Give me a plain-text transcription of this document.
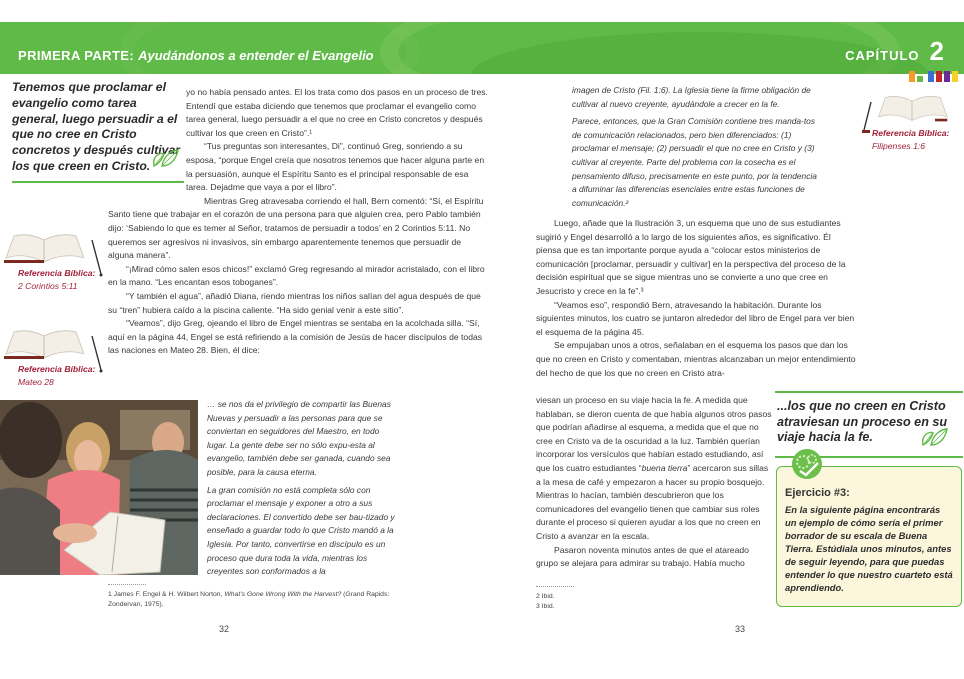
PRIMERA PARTE: Ayudándonos a entender el Evangelio	CAPÍTULO 2
Tenemos que proclamar el evangelio como tarea general, luego persuadir a el que no cree en Cristo concretos y después cultivar los que creen en Cristo.

yo no había pensado antes. El los trata como dos pasos en un proceso de tres. Entendí que estaba diciendo que tenemos que proclamar el evangelio como tarea general, luego persuadir a el que no cree en Cristo concretos y después cultivar los que creen en Cristo”.¹

“Tus preguntas son interesantes, Di”, continuó Greg, sonriendo a su esposa, “porque Engel creía que nosotros tenemos que hacer alguna parte en la persuasión, aunque el Espíritu Santo es el principal responsable de esa tarea. Dejadme que vaya a por el libro”.

Mientras Greg atravesaba corriendo el hall, Bern comentó: “Sí, el Espíritu Santo tiene que trabajar en el corazón de una persona para que alguien crea, pero Pablo también dijo: ‘Sabiendo lo que es temer al Señor, tratamos de persuadir a todos’ en 2 Corintios 5:11. No queremos ser agresivos ni invasivos, sin embargo aparentemente tenemos que persuadir de alguna manera”.

“¡Mirad cómo salen esos chicos!” exclamó Greg regresando al mirador acristalado, con el libro en la mano. “Les encantan esos toboganes”.

“Y también el agua”, añadió Diana, riendo mientras los niños salían del agua después de que su “tren” hubiera caído a la piscina caliente. “Ha sido genial venir a este sitio”.

“Veamos”, dijo Greg, ojeando el libro de Engel mientras se sentaba en la acolchada silla. “Sí, aquí en la página 44, Engel se está refiriendo a la comisión de Jesús de hacer discípulos de todas las naciones en Mateo 28. Bien, él dice:

Referencia Bíblica:
2 Corintios 5:11
Referencia Bíblica:
Mateo 28

… se nos da el privilegio de compartir las Buenas Nuevas y persuadir a las personas para que se conviertan en seguidores del Maestro, en todo lugar. La gente debe ser no sólo expu-esta al evangelio, también debe ser ganada, cuando sea posible, para la causa eterna.

La gran comisión no está completa sólo con proclamar el mensaje y exponer a otro a sus declaraciones. El convertido debe ser bau-tizado y enseñado a guardar todo lo que Cristo mandó a la Iglesia. Por tanto, convertirse en discípulo es un proceso que dura toda la vida, mientras los creyentes son conformados a la

1 James F. Engel & H. Wilbert Norton, What’s Gone Wrong With the Harvest? (Grand Rapids: Zondervan, 1975).
32

imagen de Cristo (Fil. 1:6). La Iglesia tiene la firme obligación de cultivar al nuevo creyente, ayudándole a crecer en la fe.

Parece, entonces, que la Gran Comisión contiene tres manda-tos de comunicación relacionados, pero bien diferenciados: (1) proclamar el mensaje; (2) persuadir el que no cree en Cristo y (3) cultivar al creyente. Parte del problema con la cosecha es el pensamiento difuso, precisamente en este punto, por la tendencia a difuminar las diferencias esenciales entre estas funciones de comunicación.²

Referencia Bíblica:
Filipenses 1:6

Luego, añade que la Ilustración 3, un esquema que uno de sus estudiantes sugirió y Engel desarrolló a lo largo de los siguientes años, es significativo. Él piensa que es tan importante porque ayuda a “colocar estos ministerios de comunicación [proclamar, persuadir y cultivar] en la perspectiva del proceso de la decisión espiritual que se sigue mientras uno se convierte a uno que cree en Jesucristo y crece en la fe”.³

“Veamos eso”, respondió Bern, atravesando la habitación. Durante los siguientes minutos, los cuatro se juntaron alrededor del libro de Engel para ver bien el esquema de la página 45.

Se empujaban unos a otros, señalaban en el esquema los pasos que dan los que no creen en Cristo y comentaban, mientras alcanzaban un mejor entendimiento del hecho de que los que no creen en Cristo atra-

viesan un proceso en su viaje hacia la fe. A medida que hablaban, se dieron cuenta de que había algunos otros pasos que podrían añadirse al esquema, a medida que el que no cree en Cristo va de la oscuridad a la luz. También querían incorporar los versículos que habían estado estudiando, así que los cuatro estudiantes “buena tierra” acercaron sus sillas a la mesa de café y empezaron a hacer su propio bosquejo. Mientras lo hacían, también descubrieron que los comunicadores del evangelio tienen que cambiar sus roles durante el proceso si quieren ayudar a los que no creen en Cristo a avanzar en la escala.

Pasaron noventa minutos antes de que el atareado grupo se alejara para admirar su trabajo. Había mucho

...los que no creen en Cristo atraviesan un proceso en su viaje hacia la fe.
Ejercicio #3:
En la siguiente página encontrarás un ejemplo de cómo sería el primer borrador de su escala de Buena Tierra. Estúdiala unos minutos, antes de seguir leyendo, para que puedas entender lo que nuestro cuarteto está aprendiendo.
2 Ibid.
3 Ibid.
33
